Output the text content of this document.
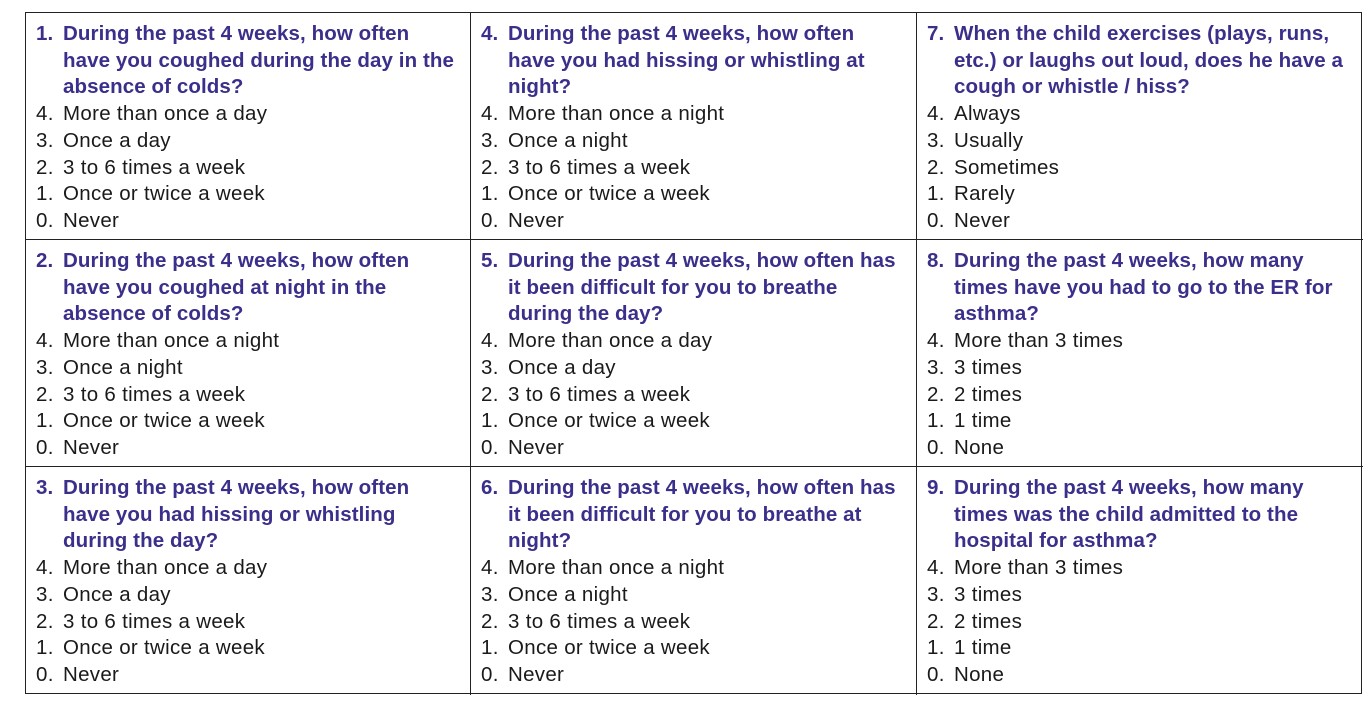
1. During the past 4 weeks, how often have you coughed during the day in the absence of colds?
4. More than once a day
3. Once a day
2. 3 to 6 times a week
1. Once or twice a week
0. Never
4. During the past 4 weeks, how often have you had hissing or whistling at night?
4. More than once a night
3. Once a night
2. 3 to 6 times a week
1. Once or twice a week
0. Never
7. When the child exercises (plays, runs, etc.) or laughs out loud, does he have a cough or whistle / hiss?
4. Always
3. Usually
2. Sometimes
1. Rarely
0. Never
2. During the past 4 weeks, how often have you coughed at night in the absence of colds?
4. More than once a night
3. Once a night
2. 3 to 6 times a week
1. Once or twice a week
0. Never
5. During the past 4 weeks, how often has it been difficult for you to breathe during the day?
4. More than once a day
3. Once a day
2. 3 to 6 times a week
1. Once or twice a week
0. Never
8. During the past 4 weeks, how many times have you had to go to the ER for asthma?
4. More than 3 times
3. 3 times
2. 2 times
1. 1 time
0. None
3. During the past 4 weeks, how often have you had hissing or whistling during the day?
4. More than once a day
3. Once a day
2. 3 to 6 times a week
1. Once or twice a week
0. Never
6. During the past 4 weeks, how often has it been difficult for you to breathe at night?
4. More than once a night
3. Once a night
2. 3 to 6 times a week
1. Once or twice a week
0. Never
9. During the past 4 weeks, how many times was the child admitted to the hospital for asthma?
4. More than 3 times
3. 3 times
2. 2 times
1. 1 time
0. None
